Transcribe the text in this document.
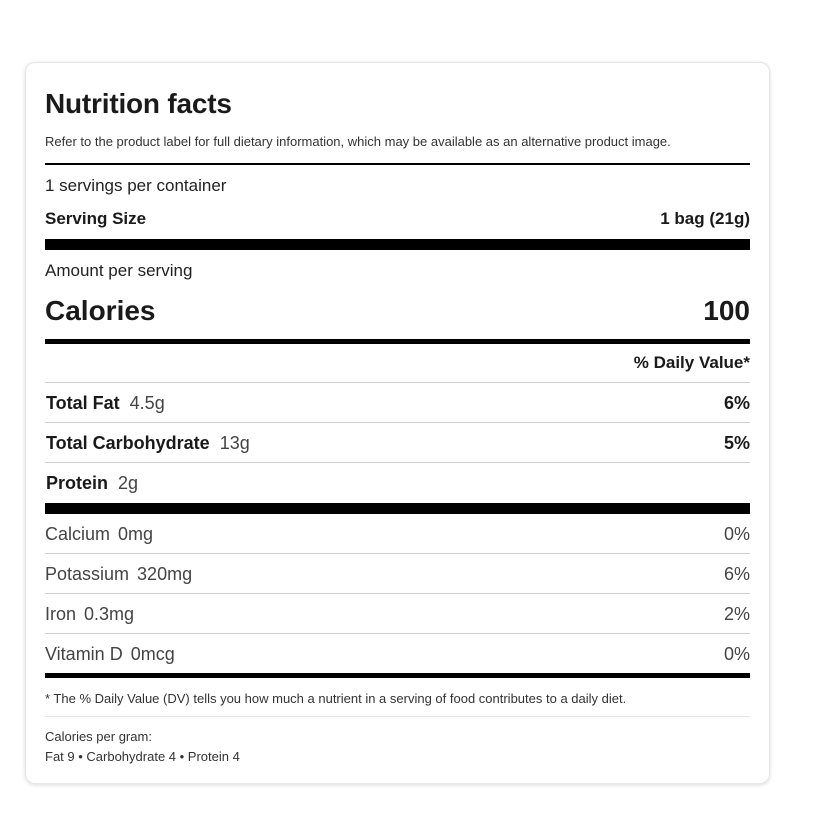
Nutrition facts
Refer to the product label for full dietary information, which may be available as an alternative product image.
1 servings per container
Serving Size	1 bag (21g)
Amount per serving
Calories	100
% Daily Value*
Total Fat 4.5g	6%
Total Carbohydrate 13g	5%
Protein 2g
Calcium 0mg	0%
Potassium 320mg	6%
Iron 0.3mg	2%
Vitamin D 0mcg	0%
* The % Daily Value (DV) tells you how much a nutrient in a serving of food contributes to a daily diet.
Calories per gram:
Fat 9 • Carbohydrate 4 • Protein 4
